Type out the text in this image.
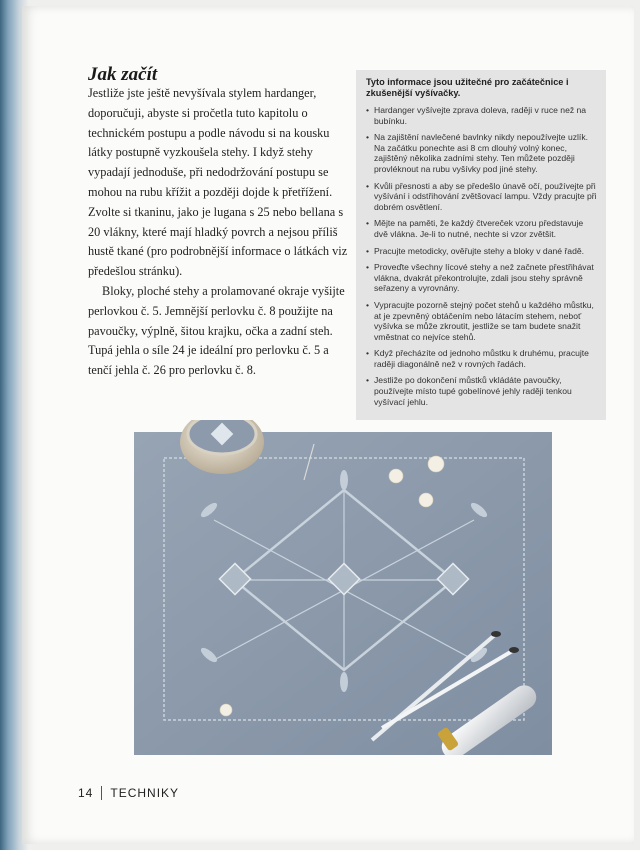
Jak začít

Jestliže jste ještě nevyšívala stylem hardanger, doporučuji, abyste si pročetla tuto kapitolu o technickém postupu a podle návodu si na kousku látky postupně vyzkoušela stehy. I když stehy vypadají jednoduše, při nedodržování postupu se mohou na rubu křížit a později dojde k přetřížení. Zvolte si tkaninu, jako je lugana s 25 nebo bellana s 20 vlákny, které mají hladký povrch a nejsou příliš hustě tkané (pro podrobnější informace o látkách viz předešlou stránku).

Bloky, ploché stehy a prolamované okraje vyšijte perlovkou č. 5. Jemnější perlovku č. 8 použijte na pavoučky, výplně, šitou krajku, očka a zadní steh. Tupá jehla o síle 24 je ideální pro perlovku č. 5 a tenčí jehla č. 26 pro perlovku č. 8.

Tyto informace jsou užitečné pro začátečnice i zkušenější vyšívačky.

• Hardanger vyšívejte zprava doleva, raději v ruce než na bubínku.
• Na zajištění navlečené bavlnky nikdy nepoužívejte uzlík. Na začátku ponechte asi 8 cm dlouhý volný konec, zajištěný několika zadními stehy. Ten můžete později provléknout na rubu vyšívky pod jiné stehy.
• Kvůli přesnosti a aby se předešlo únavě očí, používejte při vyšívání i odstřihování zvětšovací lampu. Vždy pracujte při dobrém osvětlení.
• Mějte na paměti, že každý čtvereček vzoru představuje dvě vlákna. Je-li to nutné, nechte si vzor zvětšit.
• Pracujte metodicky, ověřujte stehy a bloky v dané řadě.
• Proveďte všechny lícové stehy a než začnete přestřihávat vlákna, dvakrát překontrolujte, zdali jsou stehy správně seřazeny a vyrovnány.
• Vypracujte pozorně stejný počet stehů u každého můstku, at je zpevněný obtáčením nebo látacím stehem, neboť vyšívka se může zkroutit, jestliže se tam budete snažit vměstnat co nejvíce stehů.
• Když přecházíte od jednoho můstku k druhému, pracujte raději diagonálně než v rovných řadách.
• Jestliže po dokončení můstků vkládáte pavoučky, používejte místo tupé gobelínové jehly raději tenkou vyšívací jehlu.
14 TECHNIKY
